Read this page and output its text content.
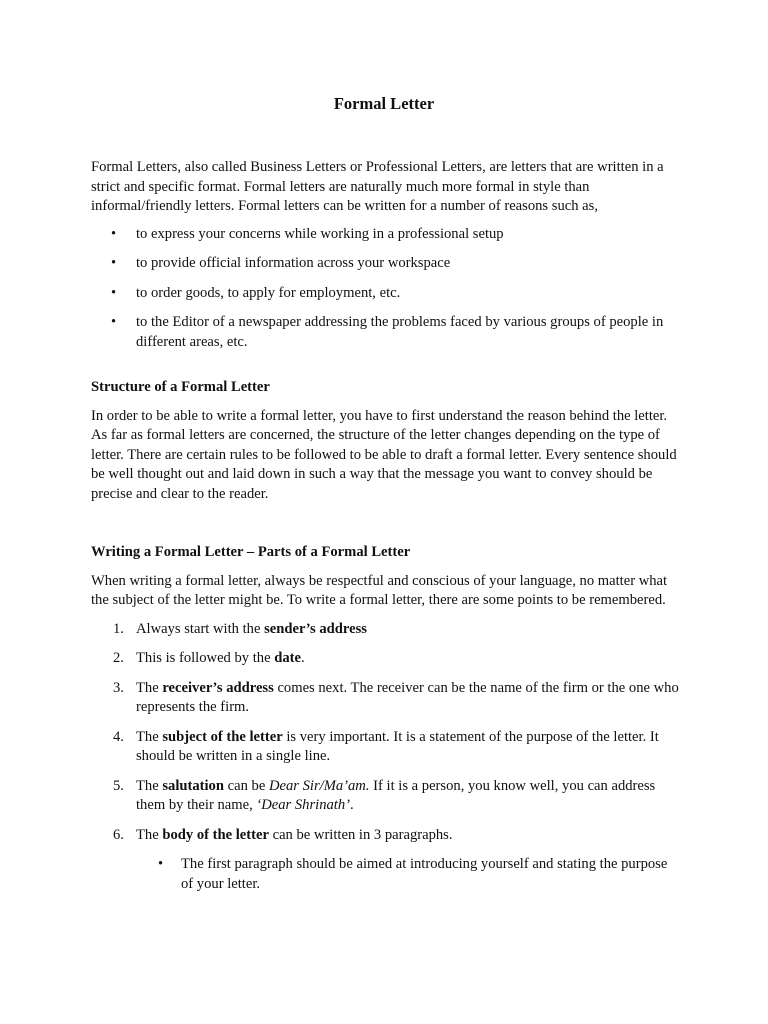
Formal Letter

Formal Letters, also called Business Letters or Professional Letters, are letters that are written in a strict and specific format. Formal letters are naturally much more formal in style than informal/friendly letters. Formal letters can be written for a number of reasons such as,

• to express your concerns while working in a professional setup
• to provide official information across your workspace
• to order goods, to apply for employment, etc.
• to the Editor of a newspaper addressing the problems faced by various groups of people in different areas, etc.
Structure of a Formal Letter

In order to be able to write a formal letter, you have to first understand the reason behind the letter. As far as formal letters are concerned, the structure of the letter changes depending on the type of letter. There are certain rules to be followed to be able to draft a formal letter. Every sentence should be well thought out and laid down in such a way that the message you want to convey should be precise and clear to the reader.

Writing a Formal Letter – Parts of a Formal Letter

When writing a formal letter, always be respectful and conscious of your language, no matter what the subject of the letter might be. To write a formal letter, there are some points to be remembered.

1. Always start with the sender’s address
2. This is followed by the date.
3. The receiver’s address comes next. The receiver can be the name of the firm or the one who represents the firm.
4. The subject of the letter is very important. It is a statement of the purpose of the letter. It should be written in a single line.
5. The salutation can be Dear Sir/Ma’am. If it is a person, you know well, you can address them by their name, ‘Dear Shrinath’.
6. The body of the letter can be written in 3 paragraphs.
• The first paragraph should be aimed at introducing yourself and stating the purpose of your letter.
